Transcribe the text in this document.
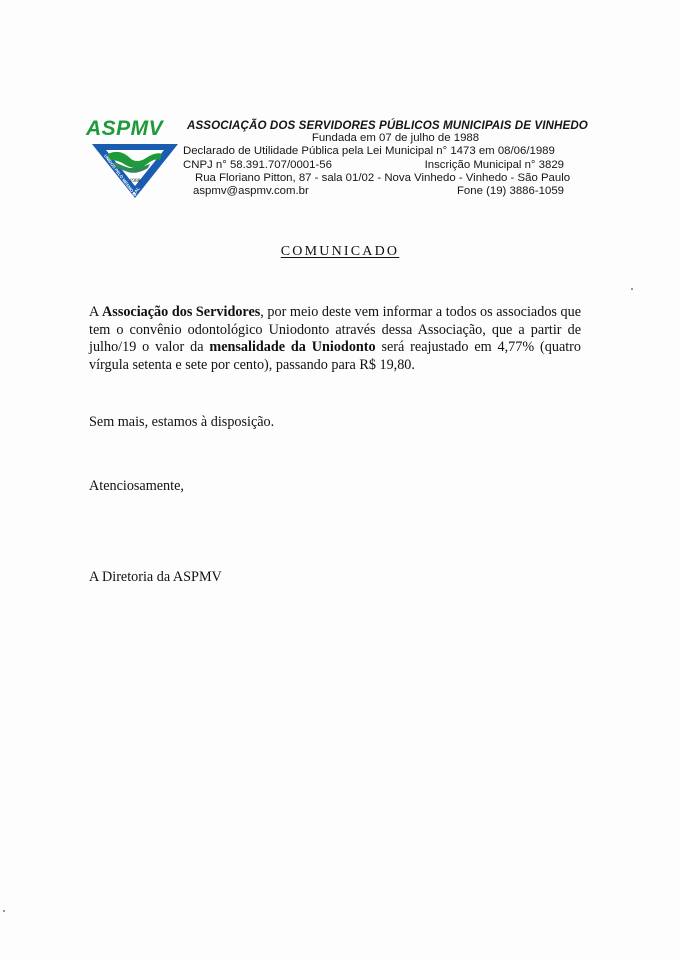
ASPMV
1988
UNIDOS PELO MESMO IDEAL
ASSOCIAÇÃO DOS SERVIDORES PÚBLICOS MUNICIPAIS DE VINHEDO
Fundada em 07 de julho de 1988
Declarado de Utilidade Pública pela Lei Municipal n° 1473 em 08/06/1989
CNPJ n° 58.391.707/0001-56	Inscrição Municipal n° 3829
Rua Floriano Pitton, 87 - sala 01/02 - Nova Vinhedo - Vinhedo - São Paulo
aspmv@aspmv.com.br	Fone (19) 3886-1059
COMUNICADO
A Associação dos Servidores, por meio deste vem informar a todos os associados que tem o convênio odontológico Uniodonto através dessa Associação, que a partir de julho/19 o valor da mensalidade da Uniodonto será reajustado em 4,77% (quatro vírgula setenta e sete por cento), passando para R$ 19,80.
Sem mais, estamos à disposição.
Atenciosamente,
A Diretoria da ASPMV
